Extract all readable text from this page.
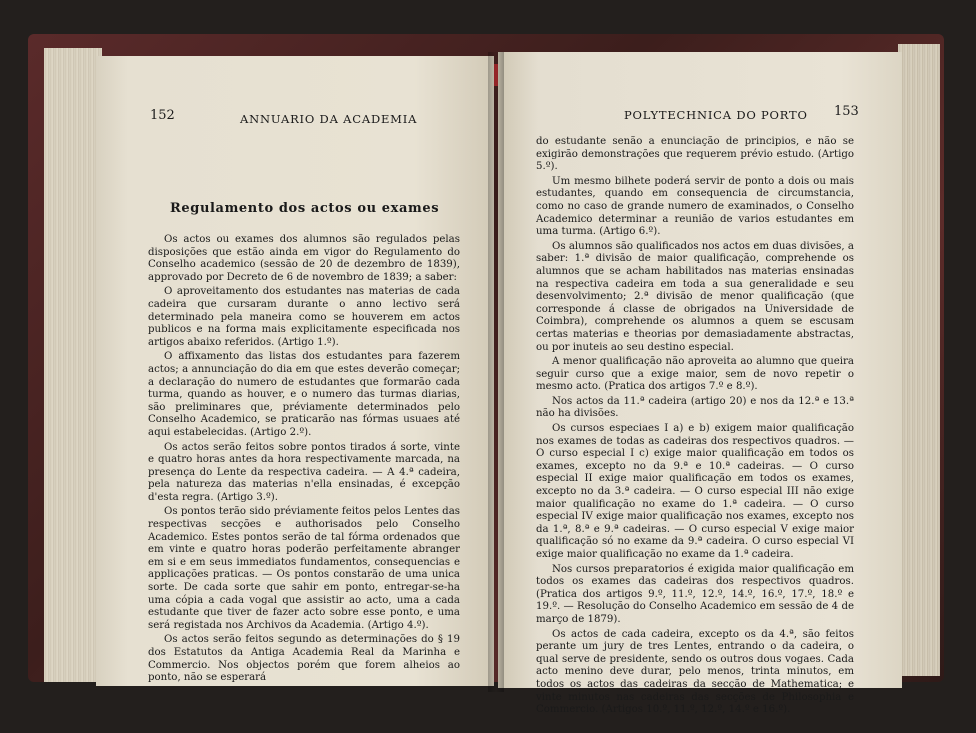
152	ANNUARIO DA ACADEMIA
Regulamento dos actos ou exames

Os actos ou exames dos alumnos são regulados pelas disposições que estão ainda em vigor do Regulamento do Conselho academico (sessão de 20 de dezembro de 1839), approvado por Decreto de 6 de novembro de 1839; a saber:

O aproveitamento dos estudantes nas materias de cada cadeira que cursaram durante o anno lectivo será determinado pela maneira como se houverem em actos publicos e na forma mais explicitamente especificada nos artigos abaixo referidos. (Artigo 1.º).

O affixamento das listas dos estudantes para fazerem actos; a annunciação do dia em que estes deverão começar; a declaração do numero de estudantes que formarão cada turma, quando as houver, e o numero das turmas diarias, são preliminares que, préviamente determinados pelo Conselho Academico, se praticarão nas fórmas usuaes até aqui estabelecidas. (Artigo 2.º).

Os actos serão feitos sobre pontos tirados á sorte, vinte e quatro horas antes da hora respectivamente marcada, na presença do Lente da respectiva cadeira. — A 4.ª cadeira, pela natureza das materias n'ella ensinadas, é excepção d'esta regra. (Artigo 3.º).

Os pontos terão sido préviamente feitos pelos Lentes das respectivas secções e authorisados pelo Conselho Academico. Estes pontos serão de tal fórma ordenados que em vinte e quatro horas poderão perfeitamente abranger em si e em seus immediatos fundamentos, consequencias e applicações praticas. — Os pontos constarão de uma unica sorte. De cada sorte que sahir em ponto, entregar-se-ha uma cópia a cada vogal que assistir ao acto, uma a cada estudante que tiver de fazer acto sobre esse ponto, e uma será registada nos Archivos da Academia. (Artigo 4.º).

Os actos serão feitos segundo as determinações do § 19 dos Estatutos da Antiga Academia Real da Marinha e Commercio. Nos objectos porém que forem alheios ao ponto, não se esperará

POLYTECHNICA DO PORTO 153

do estudante senão a enunciação de principios, e não se exigirão demonstrações que requerem prévio estudo. (Artigo 5.º).

Um mesmo bilhete poderá servir de ponto a dois ou mais estudantes, quando em consequencia de circumstancia, como no caso de grande numero de examinados, o Conselho Academico determinar a reunião de varios estudantes em uma turma. (Artigo 6.º).

Os alumnos são qualificados nos actos em duas divisões, a saber: 1.ª divisão de maior qualificação, comprehende os alumnos que se acham habilitados nas materias ensinadas na respectiva cadeira em toda a sua generalidade e seu desenvolvimento; 2.ª divisão de menor qualificação (que corresponde á classe de obrigados na Universidade de Coimbra), comprehende os alumnos a quem se escusam certas materias e theorias por demasiadamente abstractas, ou por inuteis ao seu destino especial.

A menor qualificação não aproveita ao alumno que queira seguir curso que a exige maior, sem de novo repetir o mesmo acto. (Pratica dos artigos 7.º e 8.º).

Nos actos da 11.ª cadeira (artigo 20) e nos da 12.ª e 13.ª não ha divisões.

Os cursos especiaes I a) e b) exigem maior qualificação nos exames de todas as cadeiras dos respectivos quadros. — O curso especial I c) exige maior qualificação em todos os exames, excepto no da 9.ª e 10.ª cadeiras. — O curso especial II exige maior qualificação em todos os exames, excepto no da 3.ª cadeira. — O curso especial III não exige maior qualificação no exame do 1.ª cadeira. — O curso especial IV exige maior qualificação nos exames, excepto nos da 1.ª, 8.ª e 9.ª cadeiras. — O curso especial V exige maior qualificação só no exame da 9.ª cadeira. O curso especial VI exige maior qualificação no exame da 1.ª cadeira.

Nos cursos preparatorios é exigida maior qualificação em todos os exames das cadeiras dos respectivos quadros. (Pratica dos artigos 9.º, 11.º, 12.º, 14.º, 16.º, 17.º, 18.º e 19.º. — Resolução do Conselho Academico em sessão de 4 de março de 1879).

Os actos de cada cadeira, excepto os da 4.ª, são feitos perante um jury de tres Lentes, entrando o da cadeira, o qual serve de presidente, sendo os outros dous vogaes. Cada acto menino deve durar, pelo menos, trinta minutos, em todos os actos das cadeiras da secção de Mathematica; e vinte minutos nas cadeiras das secções de Philosophia e Commercio. (Artigos 10.º, 11.º, 12.º, 14.º e 16.º).
